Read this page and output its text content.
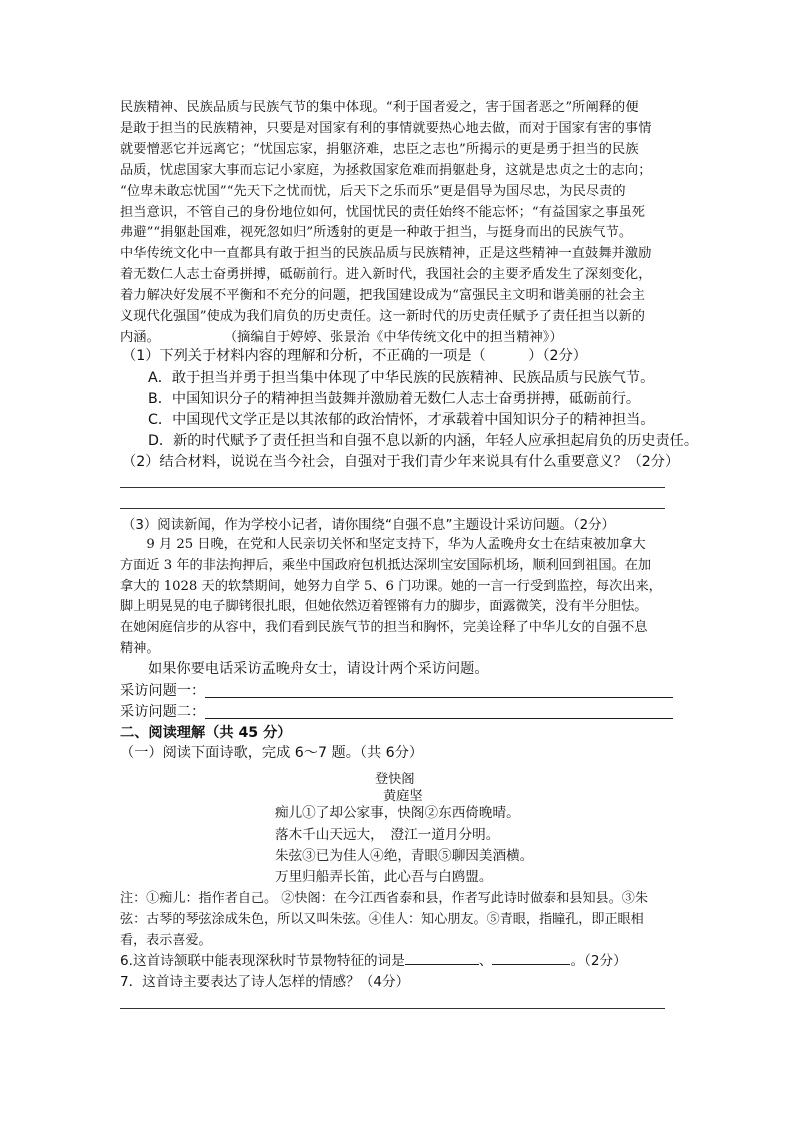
民族精神、民族品质与民族气节的集中体现。“利于国者爱之，害于国者恶之”所阐释的便
是敢于担当的民族精神，只要是对国家有利的事情就要热心地去做，而对于国家有害的事情
就要憎恶它并远离它；“忧国忘家，捐躯济难，忠臣之志也”所揭示的更是勇于担当的民族
品质，忧虑国家大事而忘记小家庭，为拯救国家危难而捐躯赴身，这就是忠贞之士的志向；
“位卑未敢忘忧国”“先天下之忧而忧，后天下之乐而乐”更是倡导为国尽忠，为民尽责的
担当意识，不管自己的身份地位如何，忧国忧民的责任始终不能忘怀；“有益国家之事虽死
弗避”“捐躯赴国难，视死忽如归”所透射的更是一种敢于担当，与挺身而出的民族气节。
中华传统文化中一直都具有敢于担当的民族品质与民族精神，正是这些精神一直鼓舞并激励
着无数仁人志士奋勇拼搏，砥砺前行。进入新时代，我国社会的主要矛盾发生了深刻变化，
着力解决好发展不平衡和不充分的问题，把我国建设成为“富强民主文明和谐美丽的社会主
义现代化强国”使成为我们肩负的历史责任。这一新时代的历史责任赋予了责任担当以新的
内涵。	（摘编自于婷婷、张景治《中华传统文化中的担当精神》）
（1）下列关于材料内容的理解和分析，不正确的一项是（　　　）（2分）
A．敢于担当并勇于担当集中体现了中华民族的民族精神、民族品质与民族气节。
B．中国知识分子的精神担当鼓舞并激励着无数仁人志士奋勇拼搏，砥砺前行。
C．中国现代文学正是以其浓郁的政治情怀，才承载着中国知识分子的精神担当。
D．新的时代赋予了责任担当和自强不息以新的内涵，年轻人应承担起肩负的历史责任。
（2）结合材料，说说在当今社会，自强对于我们青少年来说具有什么重要意义？（2分）
（3）阅读新闻，作为学校小记者，请你围绕“自强不息”主题设计采访问题。（2分）
　　9 月 25 日晚，在党和人民亲切关怀和坚定支持下，华为人孟晚舟女士在结束被加拿大
方面近 3 年的非法拘押后，乘坐中国政府包机抵达深圳宝安国际机场，顺利回到祖国。在加
拿大的 1028 天的软禁期间，她努力自学 5、6 门功课。她的一言一行受到监控，每次出来，
脚上明晃晃的电子脚铐很扎眼，但她依然迈着铿锵有力的脚步，面露微笑，没有半分胆怯。
在她闲庭信步的从容中，我们看到民族气节的担当和胸怀，完美诠释了中华儿女的自强不息
精神。
如果你要电话采访孟晚舟女士，请设计两个采访问题。
采访问题一：
采访问题二：
二、阅读理解（共 45 分）
（一）阅读下面诗歌，完成 6～7 题。（共 6分）
登快阁
黄庭坚
痴儿①了却公家事，快阁②东西倚晚晴。
落木千山天远大，　澄江一道月分明。
朱弦③已为佳人④绝，青眼⑤聊因美酒横。
万里归船弄长笛，此心吾与白鸥盟。
注：①痴儿：指作者自己。 ②快阁：在今江西省泰和县，作者写此诗时做泰和县知县。③朱
弦：古琴的琴弦涂成朱色，所以又叫朱弦。④佳人：知心朋友。⑤青眼，指瞳孔，即正眼相
看，表示喜爱。
6.这首诗颔联中能表现深秋时节景物特征的词是	、	。（2分）
7．这首诗主要表达了诗人怎样的情感？（4分）
